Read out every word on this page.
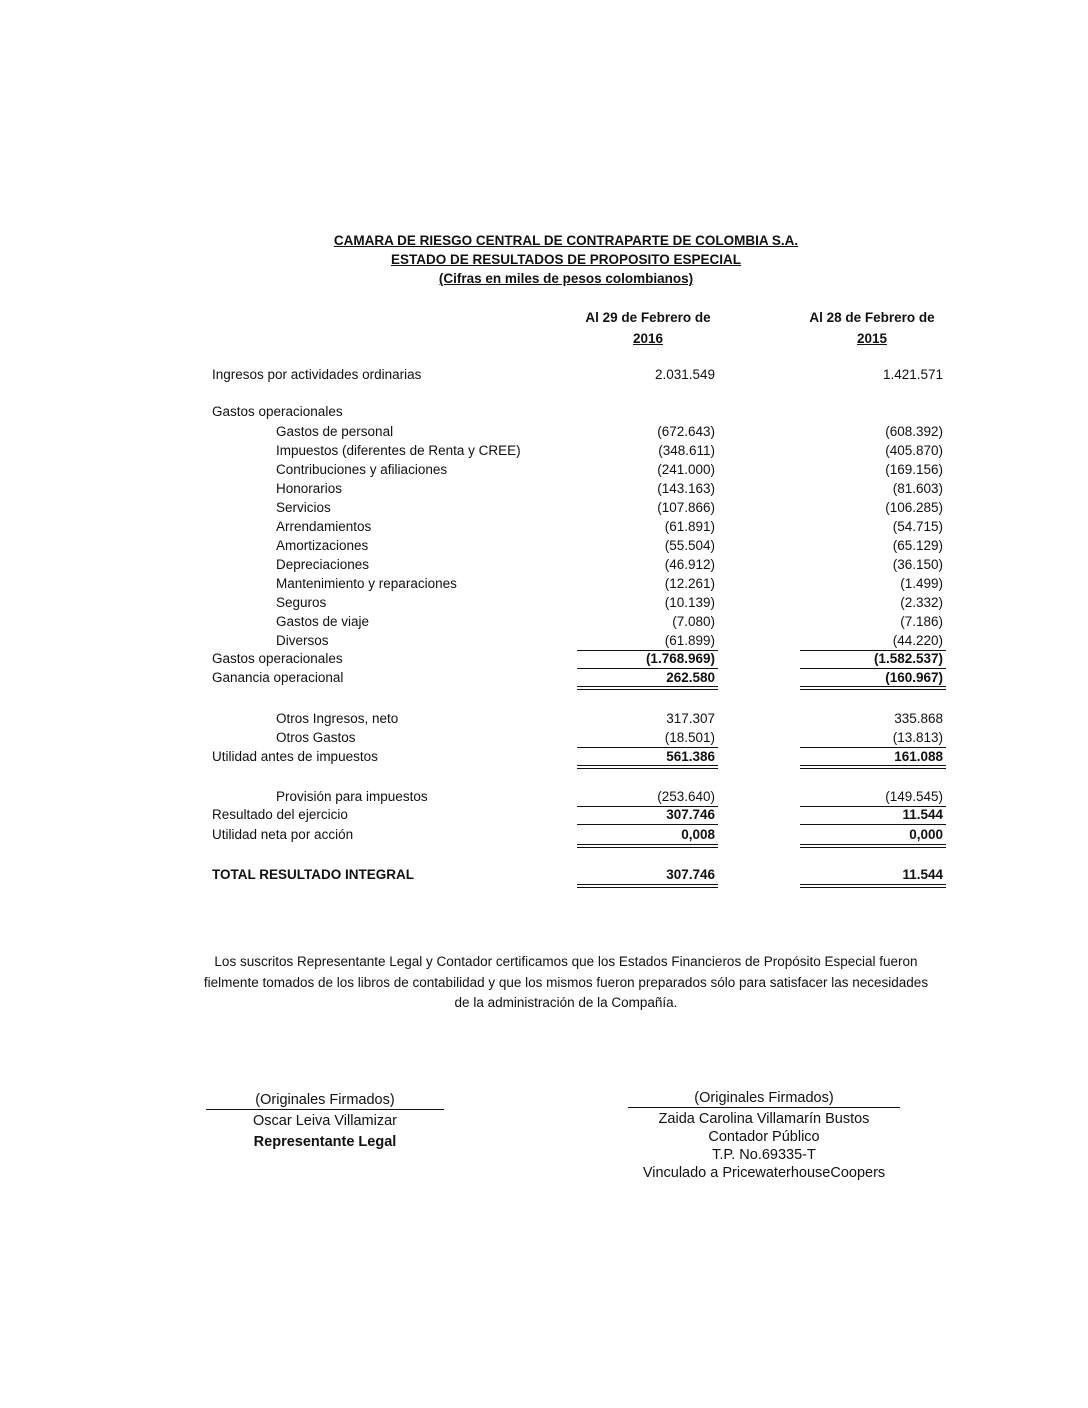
CAMARA DE RIESGO CENTRAL DE CONTRAPARTE DE COLOMBIA S.A.
ESTADO DE RESULTADOS DE PROPOSITO ESPECIAL
(Cifras en miles de pesos colombianos)
Al 29 de Febrero de
2016
Al 28 de Febrero de
2015
Ingresos por actividades ordinarias	2.031.549	1.421.571
Gastos operacionales
Gastos de personal	(672.643)	(608.392)
Impuestos (diferentes de Renta y CREE)	(348.611)	(405.870)
Contribuciones y afiliaciones	(241.000)	(169.156)
Honorarios	(143.163)	(81.603)
Servicios	(107.866)	(106.285)
Arrendamientos	(61.891)	(54.715)
Amortizaciones	(55.504)	(65.129)
Depreciaciones	(46.912)	(36.150)
Mantenimiento y reparaciones	(12.261)	(1.499)
Seguros	(10.139)	(2.332)
Gastos de viaje	(7.080)	(7.186)
Diversos	(61.899)	(44.220)
Gastos operacionales	(1.768.969)	(1.582.537)
Ganancia operacional	262.580	(160.967)
Otros Ingresos, neto	317.307	335.868
Otros Gastos	(18.501)	(13.813)
Utilidad antes de impuestos	561.386	161.088
Provisión para impuestos	(253.640)	(149.545)
Resultado del ejercicio	307.746	11.544
Utilidad neta por acción	0,008	0,000
TOTAL RESULTADO INTEGRAL	307.746	11.544
Los suscritos Representante Legal y Contador certificamos que los Estados Financieros de Propósito Especial fueron
fielmente tomados de los libros de contabilidad y que los mismos fueron preparados sólo para satisfacer las necesidades
de la administración de la Compañía.
(Originales Firmados)
Oscar Leiva Villamizar
Representante Legal
(Originales Firmados)
Zaida Carolina Villamarín Bustos
Contador Público
T.P. No.69335-T
Vinculado a PricewaterhouseCoopers
